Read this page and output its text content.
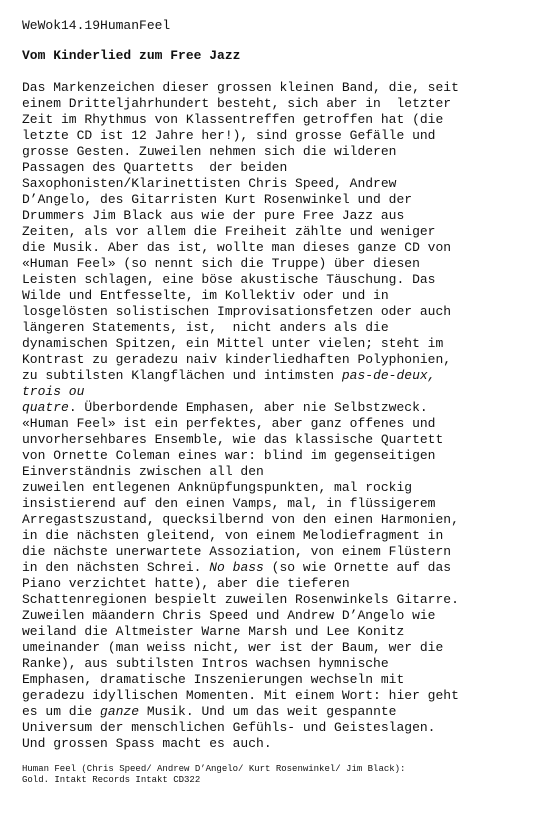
WeWok14.19HumanFeel
Vom Kinderlied zum Free Jazz
Das Markenzeichen dieser grossen kleinen Band, die, seit
einem Dritteljahrhundert besteht, sich aber in  letzter
Zeit im Rhythmus von Klassentreffen getroffen hat (die
letzte CD ist 12 Jahre her!), sind grosse Gefälle und
grosse Gesten. Zuweilen nehmen sich die wilderen
Passagen des Quartetts  der beiden
Saxophonisten/Klarinettisten Chris Speed, Andrew
D’Angelo, des Gitarristen Kurt Rosenwinkel und der
Drummers Jim Black aus wie der pure Free Jazz aus
Zeiten, als vor allem die Freiheit zählte und weniger
die Musik. Aber das ist, wollte man dieses ganze CD von
«Human Feel» (so nennt sich die Truppe) über diesen
Leisten schlagen, eine böse akustische Täuschung. Das
Wilde und Entfesselte, im Kollektiv oder und in
losgelösten solistischen Improvisationsfetzen oder auch
längeren Statements, ist,  nicht anders als die
dynamischen Spitzen, ein Mittel unter vielen; steht im
Kontrast zu geradezu naiv kinderliedhaften Polyphonien,
zu subtilsten Klangflächen und intimsten pas-de-deux,
trois ou
quatre. Überbordende Emphasen, aber nie Selbstzweck.
«Human Feel» ist ein perfektes, aber ganz offenes und
unvorhersehbares Ensemble, wie das klassische Quartett
von Ornette Coleman eines war: blind im gegenseitigen
Einverständnis zwischen all den
zuweilen entlegenen Anknüpfungspunkten, mal rockig
insistierend auf den einen Vamps, mal, in flüssigerem
Arregastszustand, quecksilbernd von den einen Harmonien,
in die nächsten gleitend, von einem Melodiefragment in
die nächste unerwartete Assoziation, von einem Flüstern
in den nächsten Schrei. No bass (so wie Ornette auf das
Piano verzichtet hatte), aber die tieferen
Schattenregionen bespielt zuweilen Rosenwinkels Gitarre.
Zuweilen mäandern Chris Speed und Andrew D’Angelo wie
weiland die Altmeister Warne Marsh und Lee Konitz
umeinander (man weiss nicht, wer ist der Baum, wer die
Ranke), aus subtilsten Intros wachsen hymnische
Emphasen, dramatische Inszenierungen wechseln mit
geradezu idyllischen Momenten. Mit einem Wort: hier geht
es um die ganze Musik. Und um das weit gespannte
Universum der menschlichen Gefühls- und Geisteslagen.
Und grossen Spass macht es auch.
Human Feel (Chris Speed/ Andrew D’Angelo/ Kurt Rosenwinkel/ Jim Black):
Gold. Intakt Records Intakt CD322
